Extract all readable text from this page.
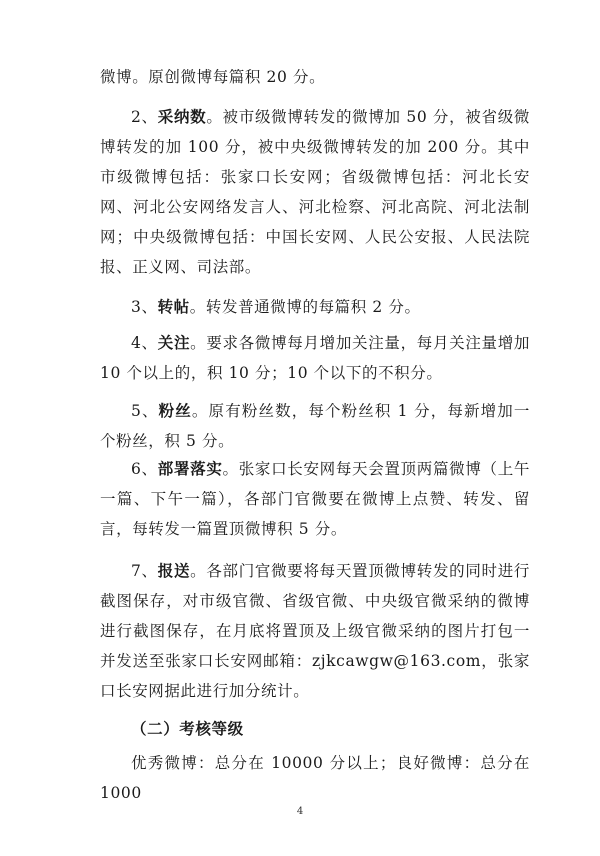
微博。原创微博每篇积 20 分。

2、采纳数。被市级微博转发的微博加 50 分，被省级微博转发的加 100 分，被中央级微博转发的加 200 分。其中市级微博包括：张家口长安网；省级微博包括：河北长安网、河北公安网络发言人、河北检察、河北高院、河北法制网；中央级微博包括：中国长安网、人民公安报、人民法院报、正义网、司法部。

3、转帖。转发普通微博的每篇积 2 分。

4、关注。要求各微博每月增加关注量，每月关注量增加 10 个以上的，积 10 分；10 个以下的不积分。

5、粉丝。原有粉丝数，每个粉丝积 1 分，每新增加一个粉丝，积 5 分。

6、部署落实。张家口长安网每天会置顶两篇微博（上午一篇、下午一篇），各部门官微要在微博上点赞、转发、留言，每转发一篇置顶微博积 5 分。

7、报送。各部门官微要将每天置顶微博转发的同时进行截图保存，对市级官微、省级官微、中央级官微采纳的微博进行截图保存，在月底将置顶及上级官微采纳的图片打包一并发送至张家口长安网邮箱：zjkcawgw@163.com，张家口长安网据此进行加分统计。

（二）考核等级

优秀微博：总分在 10000 分以上；良好微博：总分在 1000

4
